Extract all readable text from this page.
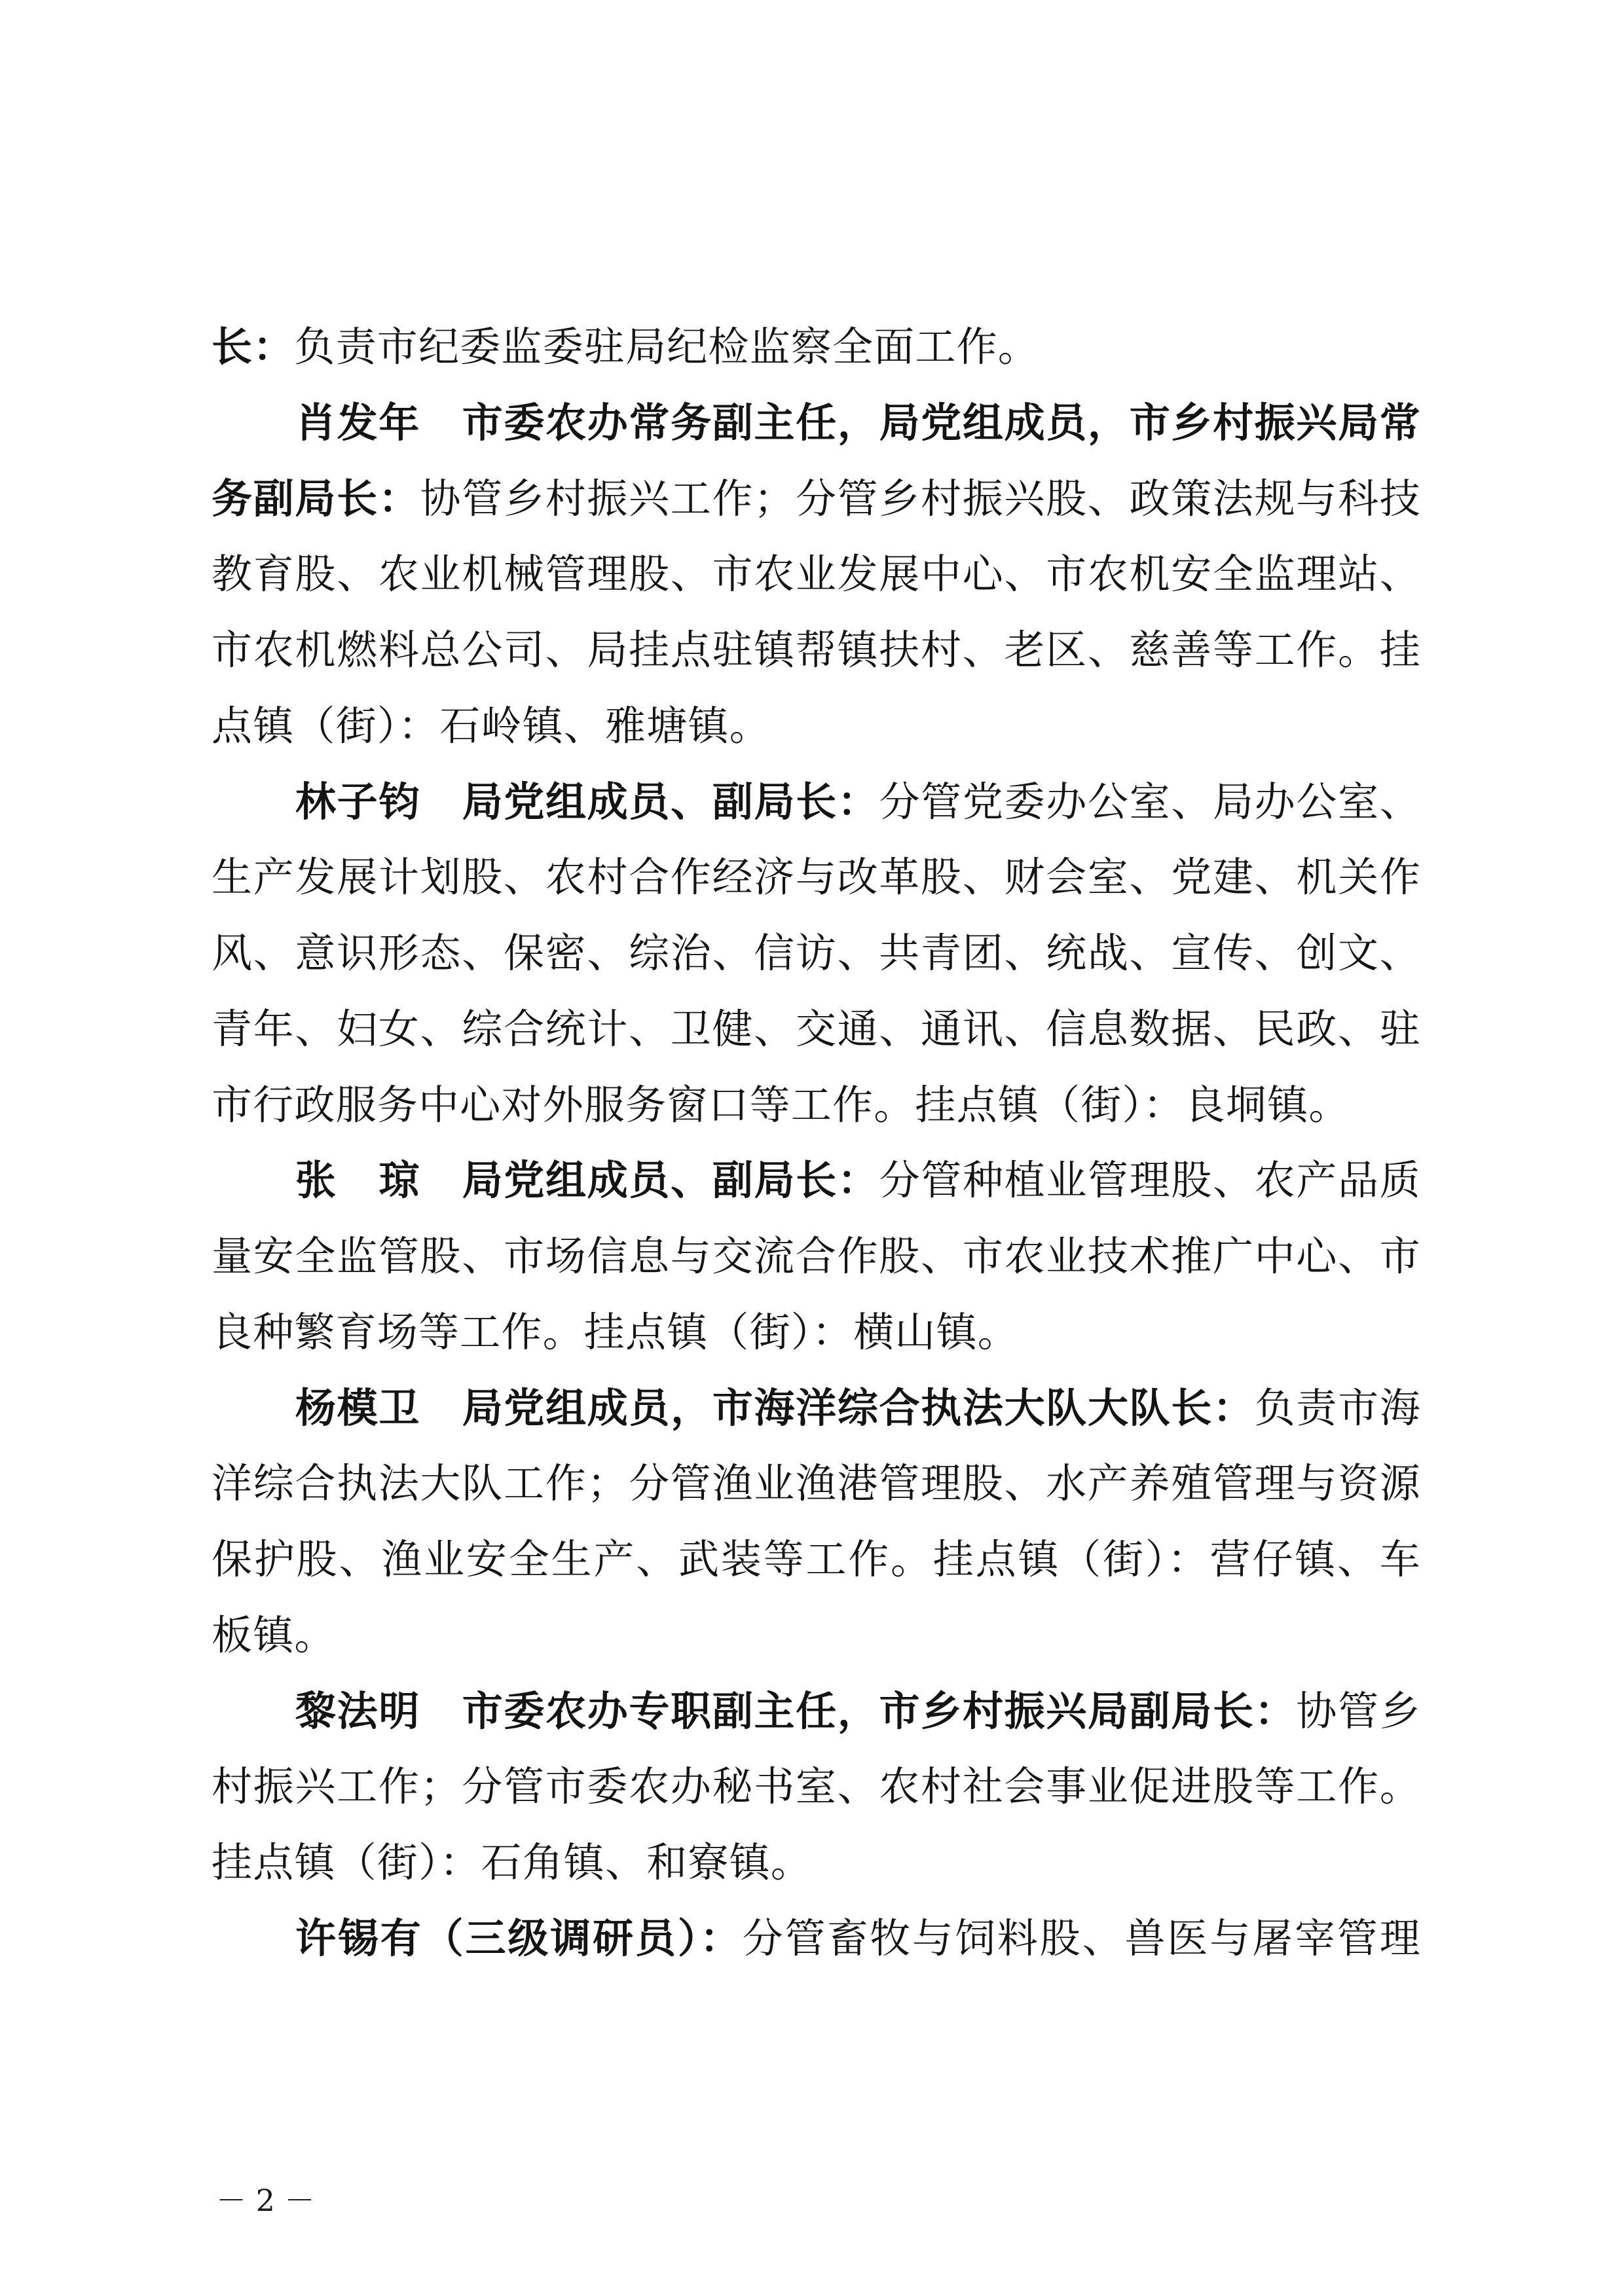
长：负责市纪委监委驻局纪检监察全面工作。
肖发年　市委农办常务副主任，局党组成员，市乡村振兴局常
务副局长：协管乡村振兴工作；分管乡村振兴股、政策法规与科技
教育股、农业机械管理股、市农业发展中心、市农机安全监理站、
市农机燃料总公司、局挂点驻镇帮镇扶村、老区、慈善等工作。挂
点镇（街）：石岭镇、雅塘镇。
林子钧　局党组成员、副局长：分管党委办公室、局办公室、
生产发展计划股、农村合作经济与改革股、财会室、党建、机关作
风、意识形态、保密、综治、信访、共青团、统战、宣传、创文、
青年、妇女、综合统计、卫健、交通、通讯、信息数据、民政、驻
市行政服务中心对外服务窗口等工作。挂点镇（街）：良垌镇。
张　琼　局党组成员、副局长：分管种植业管理股、农产品质
量安全监管股、市场信息与交流合作股、市农业技术推广中心、市
良种繁育场等工作。挂点镇（街）：横山镇。
杨模卫　局党组成员，市海洋综合执法大队大队长：负责市海
洋综合执法大队工作；分管渔业渔港管理股、水产养殖管理与资源
保护股、渔业安全生产、武装等工作。挂点镇（街）：营仔镇、车
板镇。
黎法明　市委农办专职副主任，市乡村振兴局副局长：协管乡
村振兴工作；分管市委农办秘书室、农村社会事业促进股等工作。
挂点镇（街）：石角镇、和寮镇。
许锡有（三级调研员）：分管畜牧与饲料股、兽医与屠宰管理
－ 2 －
